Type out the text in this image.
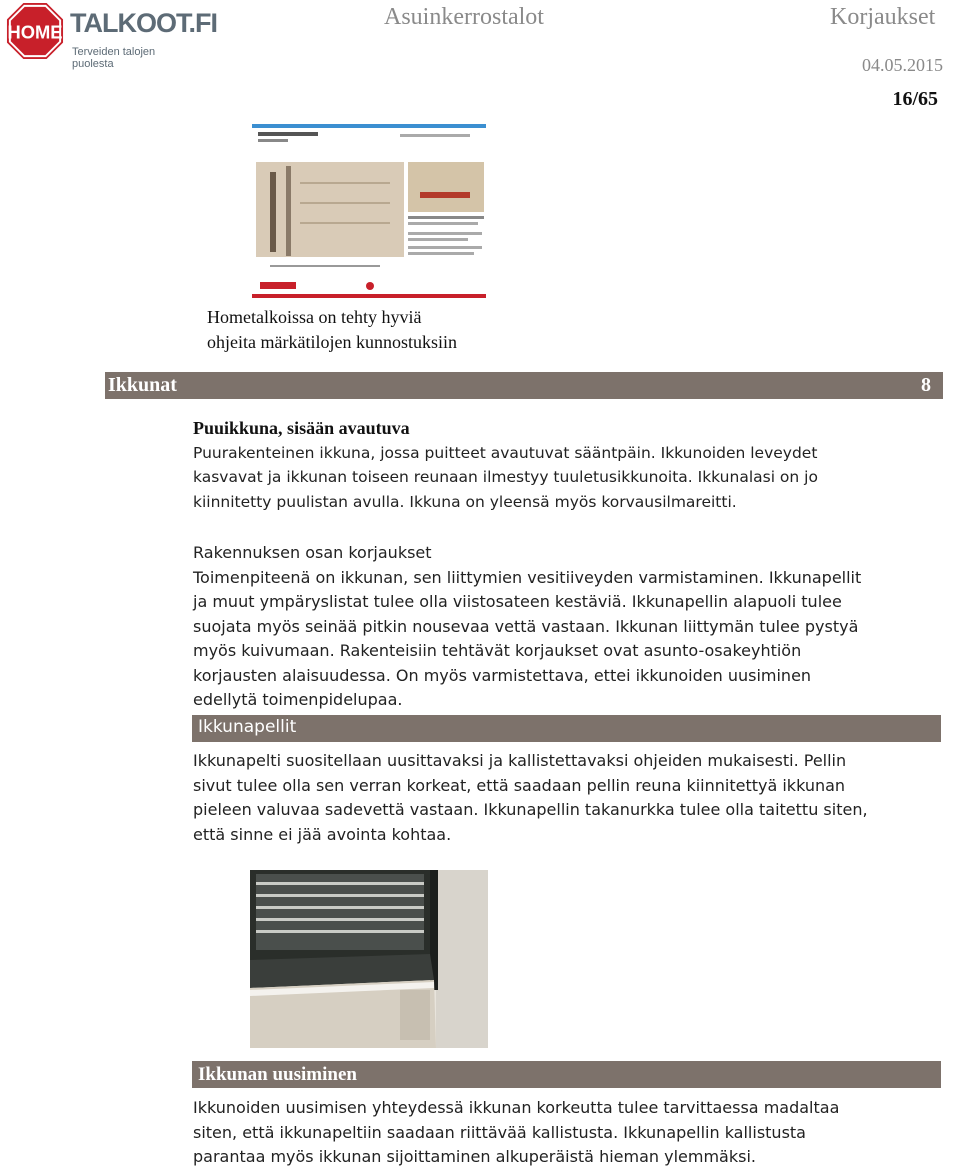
HOME TALKOOT.FI
Terveiden talojen puolesta
Asuinkerrostalot	Korjaukset
04.05.2015
16/65
Hometalkoissa on tehty hyviä
ohjeita märkätilojen kunnostuksiin
Ikkunat	8
Puuikkuna, sisään avautuva
Puurakenteinen ikkuna, jossa puitteet avautuvat sääntpäin. Ikkunoiden leveydet
kasvavat ja ikkunan toiseen reunaan ilmestyy tuuletusikkunoita. Ikkunalasi on jo
kiinnitetty puulistan avulla. Ikkuna on yleensä myös korvausilmareitti.
Rakennuksen osan korjaukset
Toimenpiteenä on ikkunan, sen liittymien vesitiiveyden varmistaminen. Ikkunapellit
ja muut ympäryslistat tulee olla viistosateen kestäviä. Ikkunapellin alapuoli tulee
suojata myös seinää pitkin nousevaa vettä vastaan. Ikkunan liittymän tulee pystyä
myös kuivumaan. Rakenteisiin tehtävät korjaukset ovat asunto-osakeyhtiön
korjausten alaisuudessa. On myös varmistettava, ettei ikkunoiden uusiminen
edellytä toimenpidelupaa.
Ikkunapellit
Ikkunapelti suositellaan uusittavaksi ja kallistettavaksi ohjeiden mukaisesti. Pellin
sivut tulee olla sen verran korkeat, että saadaan pellin reuna kiinnitettyä ikkunan
pieleen valuvaa sadevettä vastaan. Ikkunapellin takanurkka tulee olla taitettu siten,
että sinne ei jää avointa kohtaa.
Ikkunan uusiminen
Ikkunoiden uusimisen yhteydessä ikkunan korkeutta tulee tarvittaessa madaltaa
siten, että ikkunapeltiin saadaan riittävää kallistusta. Ikkunapellin kallistusta
parantaa myös ikkunan sijoittaminen alkuperäistä hieman ylemmäksi.
